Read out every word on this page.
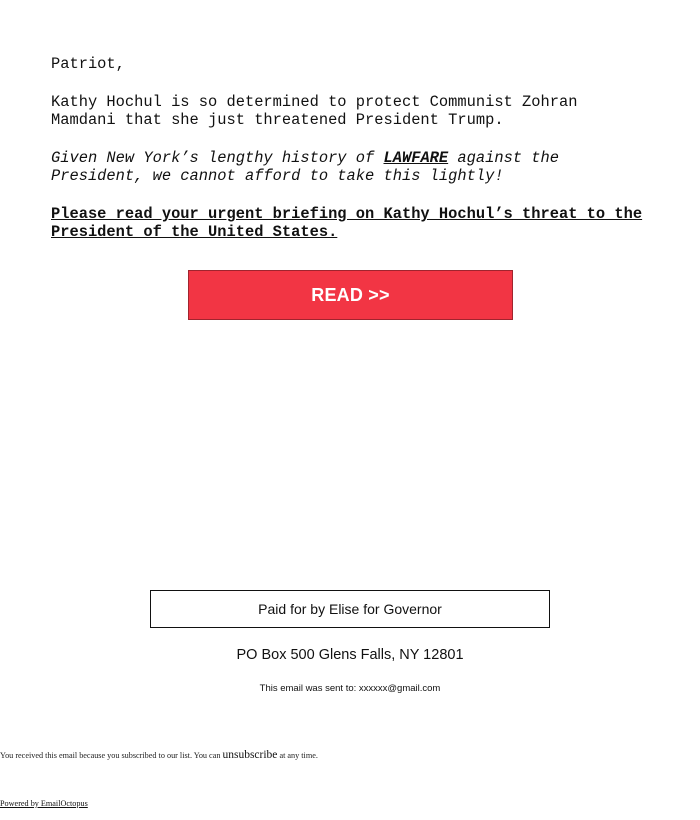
Patriot,

Kathy Hochul is so determined to protect Communist Zohran Mamdani that she just threatened President Trump.

Given New York’s lengthy history of LAWFARE against the President, we cannot afford to take this lightly!

Please read your urgent briefing on Kathy Hochul’s threat to the President of the United States.

READ >>
Paid for by Elise for Governor

PO Box 500 Glens Falls, NY 12801

This email was sent to: xxxxxx@gmail.com

You received this email because you subscribed to our list. You can unsubscribe at any time.

Powered by EmailOctopus
